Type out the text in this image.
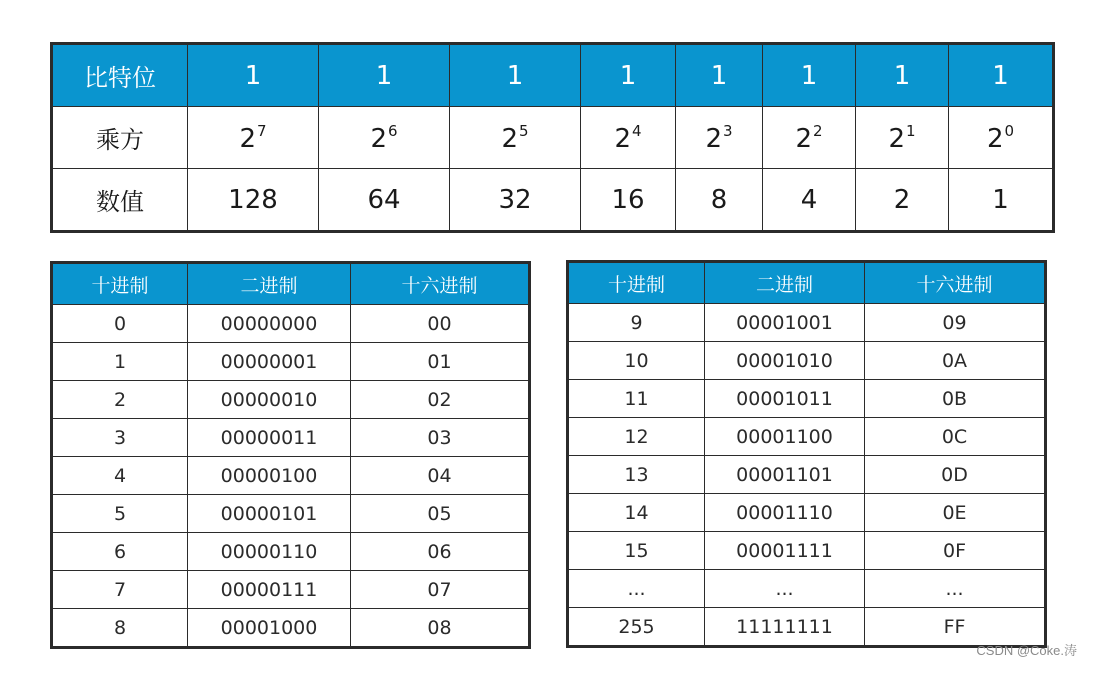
比特位	1	1	1	1	1	1	1	1
乘方	$2^7$	$2^6$	$2^5$	$2^4$	$2^3$	$2^2$	$2^1$	$2^0$
数值	128	64	32	16	8	4	2	1
十进制	二进制	十六进制
0	00000000	00
1	00000001	01
2	00000010	02
3	00000011	03
4	00000100	04
5	00000101	05
6	00000110	06
7	00000111	07
8	00001000	08
十进制	二进制	十六进制
9	00001001	09
10	00001010	0A
11	00001011	0B
12	00001100	0C
13	00001101	0D
14	00001110	0E
15	00001111	0F
...	...	...
255	11111111	FF
CSDN @Coke.涛
